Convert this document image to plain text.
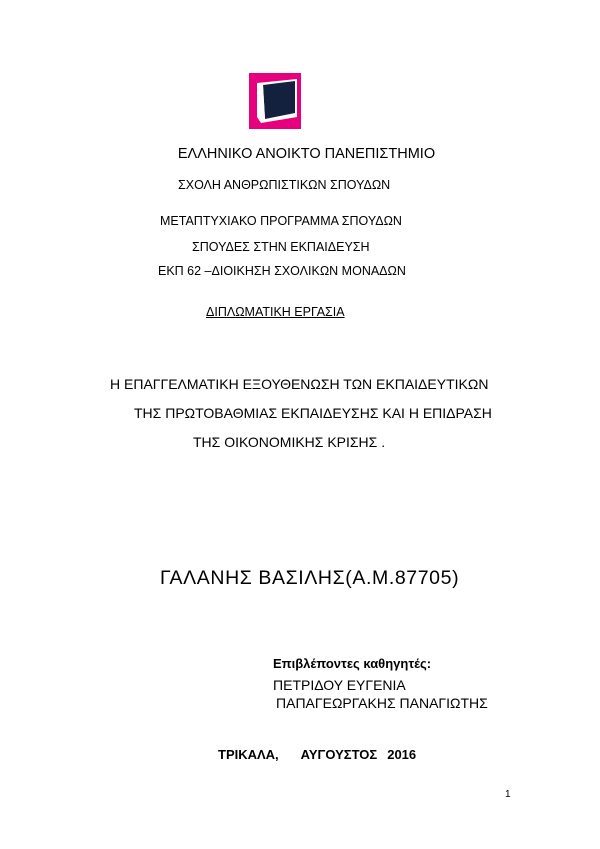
ΕΛΛΗΝΙΚΟ ΑΝΟΙΚΤΟ ΠΑΝΕΠΙΣΤΗΜΙΟ
ΣΧΟΛΗ ΑΝΘΡΩΠΙΣΤΙΚΩΝ ΣΠΟΥΔΩΝ
ΜΕΤΑΠΤΥΧΙΑΚΟ ΠΡΟΓΡΑΜΜΑ ΣΠΟΥΔΩΝ
ΣΠΟΥΔΕΣ ΣΤΗΝ ΕΚΠΑΙΔΕΥΣΗ
ΕΚΠ 62 –ΔΙΟΙΚΗΣΗ ΣΧΟΛΙΚΩΝ ΜΟΝΑΔΩΝ
ΔΙΠΛΩΜΑΤΙΚΗ ΕΡΓΑΣΙΑ
Η ΕΠΑΓΓΕΛΜΑΤΙΚΗ ΕΞΟΥΘΕΝΩΣΗ ΤΩΝ ΕΚΠΑΙΔΕΥΤΙΚΩΝ
ΤΗΣ ΠΡΩΤΟΒΑΘΜΙΑΣ ΕΚΠΑΙΔΕΥΣΗΣ ΚΑΙ Η ΕΠΙΔΡΑΣΗ
ΤΗΣ ΟΙΚΟΝΟΜΙΚΗΣ ΚΡΙΣΗΣ .
ΓΑΛΑΝΗΣ ΒΑΣΙΛΗΣ(Α.Μ.87705)
Επιβλέποντες καθηγητές:
ΠΕΤΡΙΔΟΥ ΕΥΓΕΝΙΑ
ΠΑΠΑΓΕΩΡΓΑΚΗΣ ΠΑΝΑΓΙΩΤΗΣ
ΤΡΙΚΑΛΑ, ΑΥΓΟΥΣΤΟΣ 2016
1
